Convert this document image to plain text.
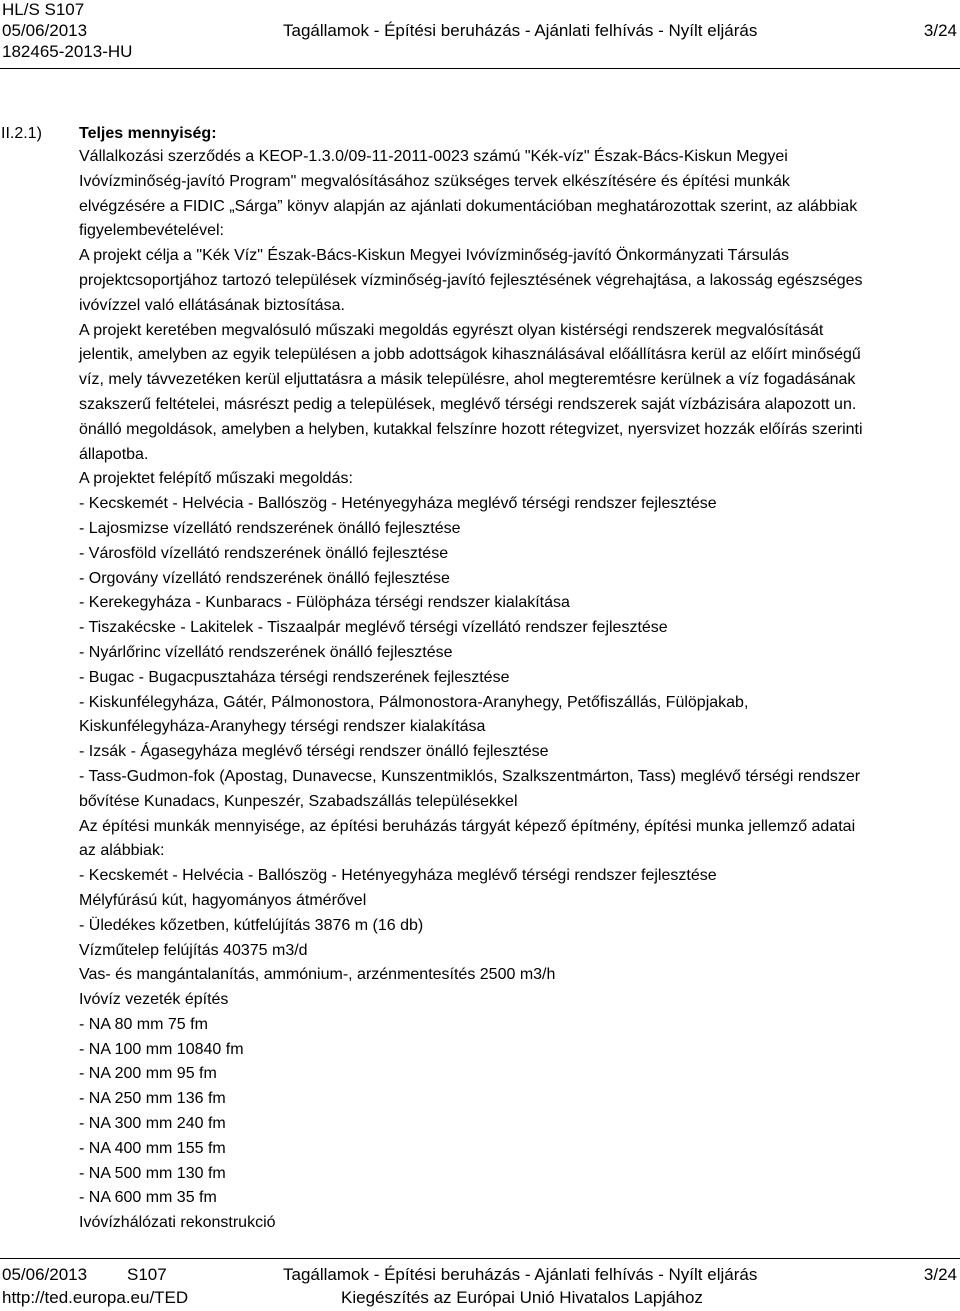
HL/S S107
05/06/2013	Tagállamok - Építési beruházás - Ajánlati felhívás - Nyílt eljárás	3/24
182465-2013-HU
II.2.1) Teljes mennyiség:
Vállalkozási szerződés a KEOP-1.3.0/09-11-2011-0023 számú "Kék-víz" Észak-Bács-Kiskun Megyei
Ivóvízminőség-javító Program" megvalósításához szükséges tervek elkészítésére és építési munkák
elvégzésére a FIDIC „Sárga” könyv alapján az ajánlati dokumentációban meghatározottak szerint, az alábbiak
figyelembevételével:
A projekt célja a "Kék Víz" Észak-Bács-Kiskun Megyei Ivóvízminőség-javító Önkormányzati Társulás
projektcsoportjához tartozó települések vízminőség-javító fejlesztésének végrehajtása, a lakosság egészséges
ivóvízzel való ellátásának biztosítása.
A projekt keretében megvalósuló műszaki megoldás egyrészt olyan kistérségi rendszerek megvalósítását
jelentik, amelyben az egyik településen a jobb adottságok kihasználásával előállításra kerül az előírt minőségű
víz, mely távvezetéken kerül eljuttatásra a másik településre, ahol megteremtésre kerülnek a víz fogadásának
szakszerű feltételei, másrészt pedig a települések, meglévő térségi rendszerek saját vízbázisára alapozott un.
önálló megoldások, amelyben a helyben, kutakkal felszínre hozott rétegvizet, nyersvizet hozzák előírás szerinti
állapotba.
A projektet felépítő műszaki megoldás:
- Kecskemét - Helvécia - Ballószög - Hetényegyháza meglévő térségi rendszer fejlesztése
- Lajosmizse vízellátó rendszerének önálló fejlesztése
- Városföld vízellátó rendszerének önálló fejlesztése
- Orgovány vízellátó rendszerének önálló fejlesztése
- Kerekegyháza - Kunbaracs - Fülöpháza térségi rendszer kialakítása
- Tiszakécske - Lakitelek - Tiszaalpár meglévő térségi vízellátó rendszer fejlesztése
- Nyárlőrinc vízellátó rendszerének önálló fejlesztése
- Bugac - Bugacpusztaháza térségi rendszerének fejlesztése
- Kiskunfélegyháza, Gátér, Pálmonostora, Pálmonostora-Aranyhegy, Petőfiszállás, Fülöpjakab,
Kiskunfélegyháza-Aranyhegy térségi rendszer kialakítása
- Izsák - Ágasegyháza meglévő térségi rendszer önálló fejlesztése
- Tass-Gudmon-fok (Apostag, Dunavecse, Kunszentmiklós, Szalkszentmárton, Tass) meglévő térségi rendszer
bővítése Kunadacs, Kunpeszér, Szabadszállás településekkel
Az építési munkák mennyisége, az építési beruházás tárgyát képező építmény, építési munka jellemző adatai
az alábbiak:
- Kecskemét - Helvécia - Ballószög - Hetényegyháza meglévő térségi rendszer fejlesztése
Mélyfúrású kút, hagyományos átmérővel
- Üledékes kőzetben, kútfelújítás 3876 m (16 db)
Vízműtelep felújítás 40375 m3/d
Vas- és mangántalanítás, ammónium-, arzénmentesítés 2500 m3/h
Ivóvíz vezeték építés
- NA 80 mm 75 fm
- NA 100 mm 10840 fm
- NA 200 mm 95 fm
- NA 250 mm 136 fm
- NA 300 mm 240 fm
- NA 400 mm 155 fm
- NA 500 mm 130 fm
- NA 600 mm 35 fm
Ivóvízhálózati rekonstrukció
05/06/2013 S107	Tagállamok - Építési beruházás - Ajánlati felhívás - Nyílt eljárás	3/24
http://ted.europa.eu/TED	Kiegészítés az Európai Unió Hivatalos Lapjához
